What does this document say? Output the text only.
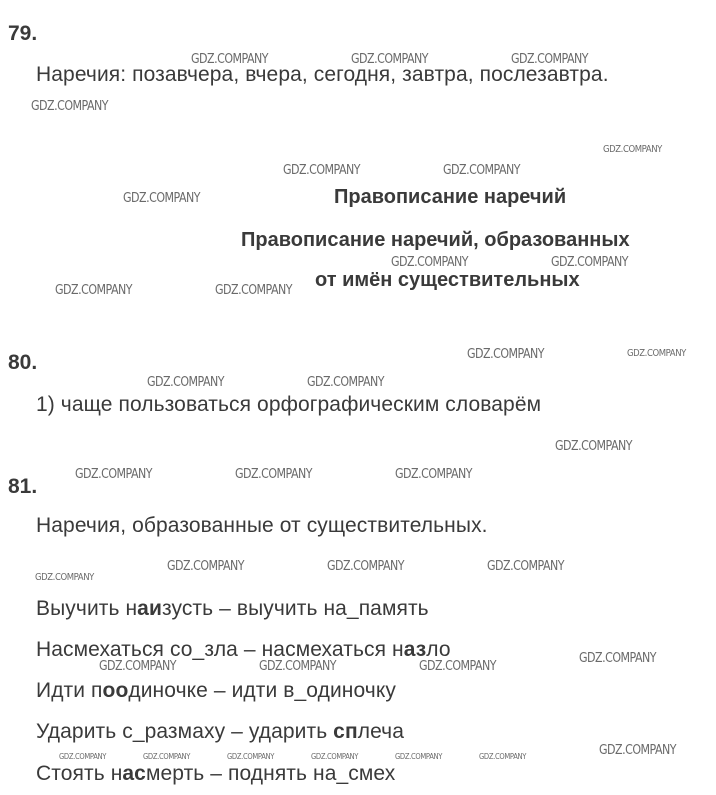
79.
Наречия: позавчера, вчера, сегодня, завтра, послезавтра.
Правописание наречий
Правописание наречий, образованных
от имён существительных
80.
1) чаще пользоваться орфографическим словарём
81.
Наречия, образованные от существительных.
Выучить наизусть – выучить на_память
Насмехаться со_зла – насмехаться назло
Идти поодиночке – идти в_одиночку
Ударить с_размаху – ударить сплеча
Стоять насмерть – поднять на_смех
GDZ.COMPANY	GDZ.COMPANY	GDZ.COMPANY
GDZ.COMPANY
GDZ.COMPANY
GDZ.COMPANY	GDZ.COMPANY
GDZ.COMPANY
GDZ.COMPANY	GDZ.COMPANY
GDZ.COMPANY	GDZ.COMPANY
GDZ.COMPANY	GDZ.COMPANY
GDZ.COMPANY	GDZ.COMPANY
GDZ.COMPANY
GDZ.COMPANY	GDZ.COMPANY	GDZ.COMPANY
GDZ.COMPANY	GDZ.COMPANY	GDZ.COMPANY
GDZ.COMPANY
GDZ.COMPANY
GDZ.COMPANY	GDZ.COMPANY	GDZ.COMPANY
GDZ.COMPANY
GDZ.COMPANY	GDZ.COMPANY	GDZ.COMPANY	GDZ.COMPANY	GDZ.COMPANY	GDZ.COMPANY
